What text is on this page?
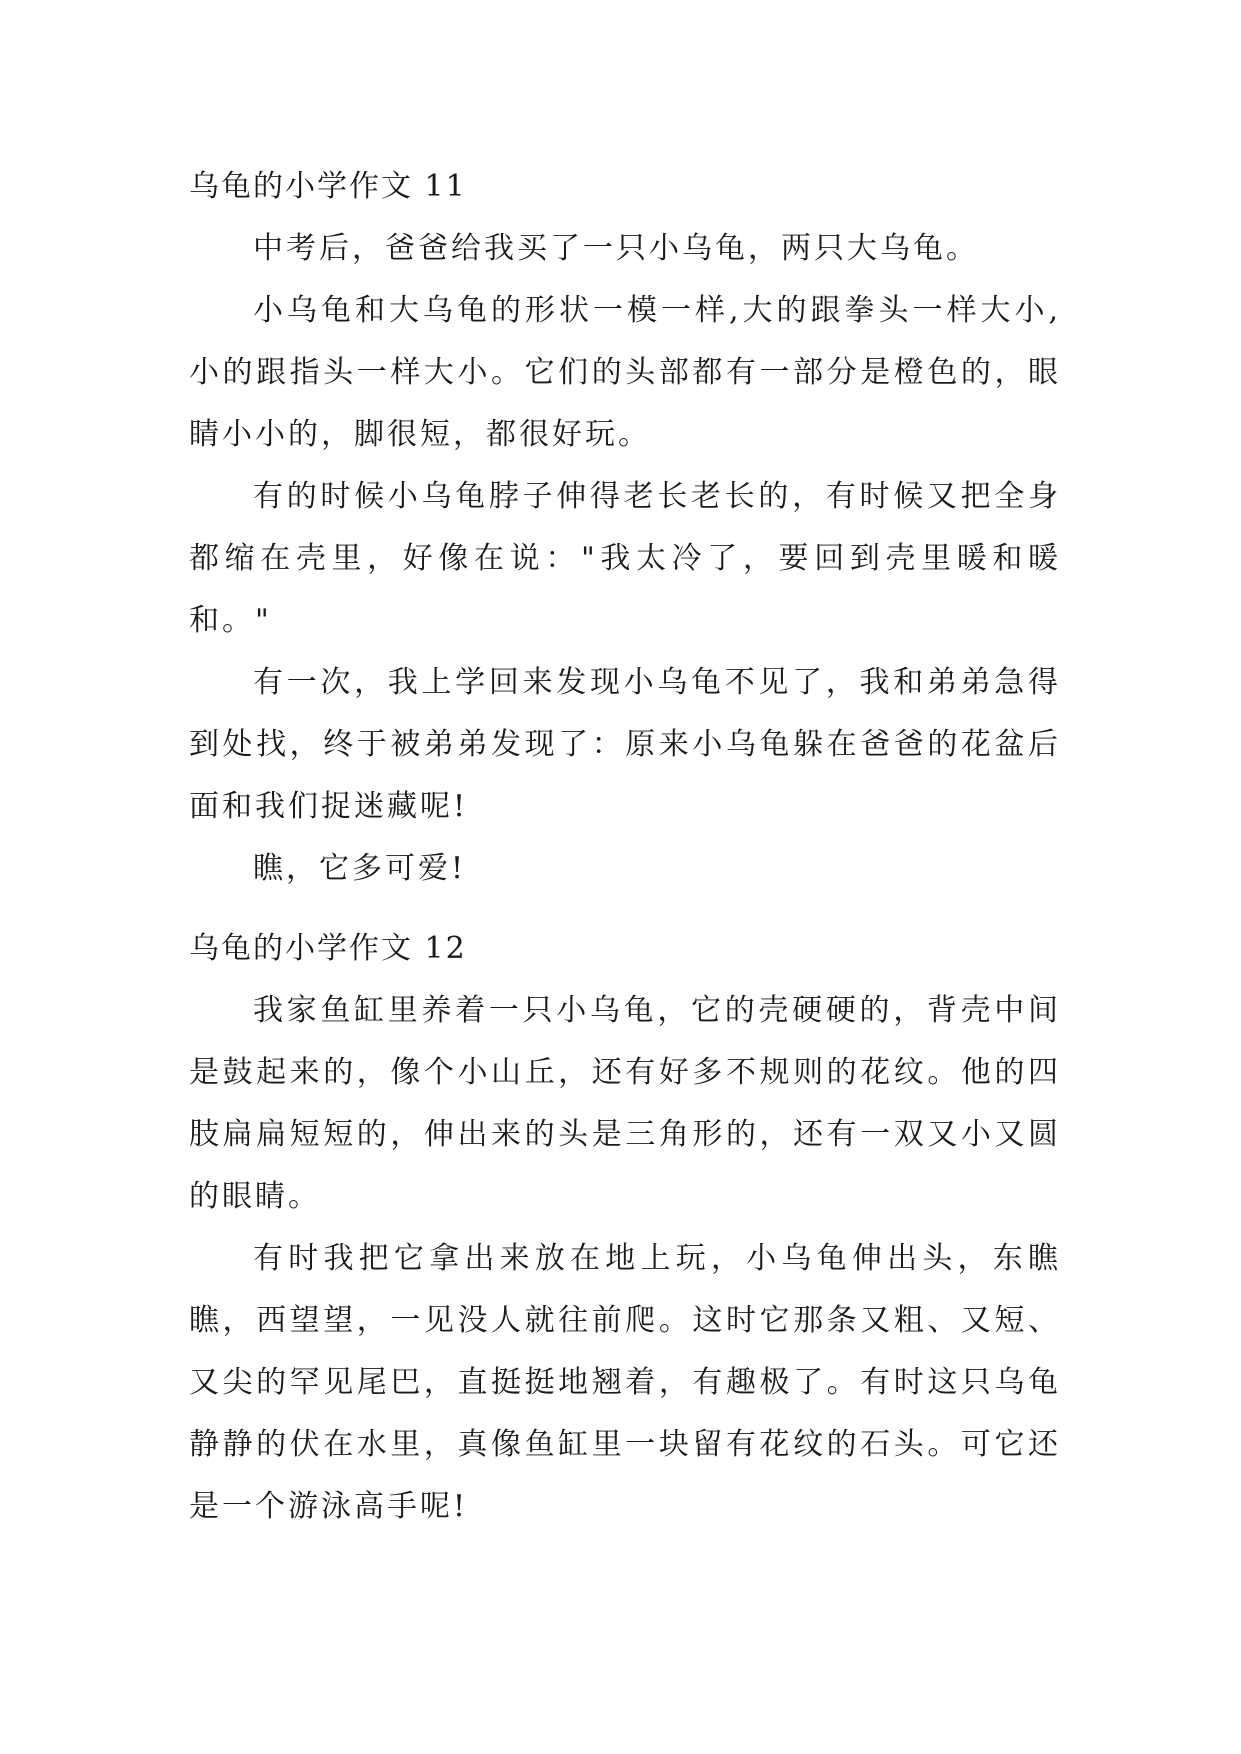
乌龟的小学作文 11

中考后，爸爸给我买了一只小乌龟，两只大乌龟。

小乌龟和大乌龟的形状一模一样,大的跟拳头一样大小,小的跟指头一样大小。它们的头部都有一部分是橙色的，眼睛小小的，脚很短，都很好玩。

有的时候小乌龟脖子伸得老长老长的，有时候又把全身都缩在壳里，好像在说："我太冷了，要回到壳里暖和暖和。"

有一次，我上学回来发现小乌龟不见了，我和弟弟急得到处找，终于被弟弟发现了：原来小乌龟躲在爸爸的花盆后面和我们捉迷藏呢!

瞧，它多可爱!

乌龟的小学作文 12

我家鱼缸里养着一只小乌龟，它的壳硬硬的，背壳中间是鼓起来的，像个小山丘，还有好多不规则的花纹。他的四肢扁扁短短的，伸出来的头是三角形的，还有一双又小又圆的眼睛。

有时我把它拿出来放在地上玩，小乌龟伸出头，东瞧瞧，西望望，一见没人就往前爬。这时它那条又粗、又短、又尖的罕见尾巴，直挺挺地翘着，有趣极了。有时这只乌龟静静的伏在水里，真像鱼缸里一块留有花纹的石头。可它还是一个游泳高手呢!
